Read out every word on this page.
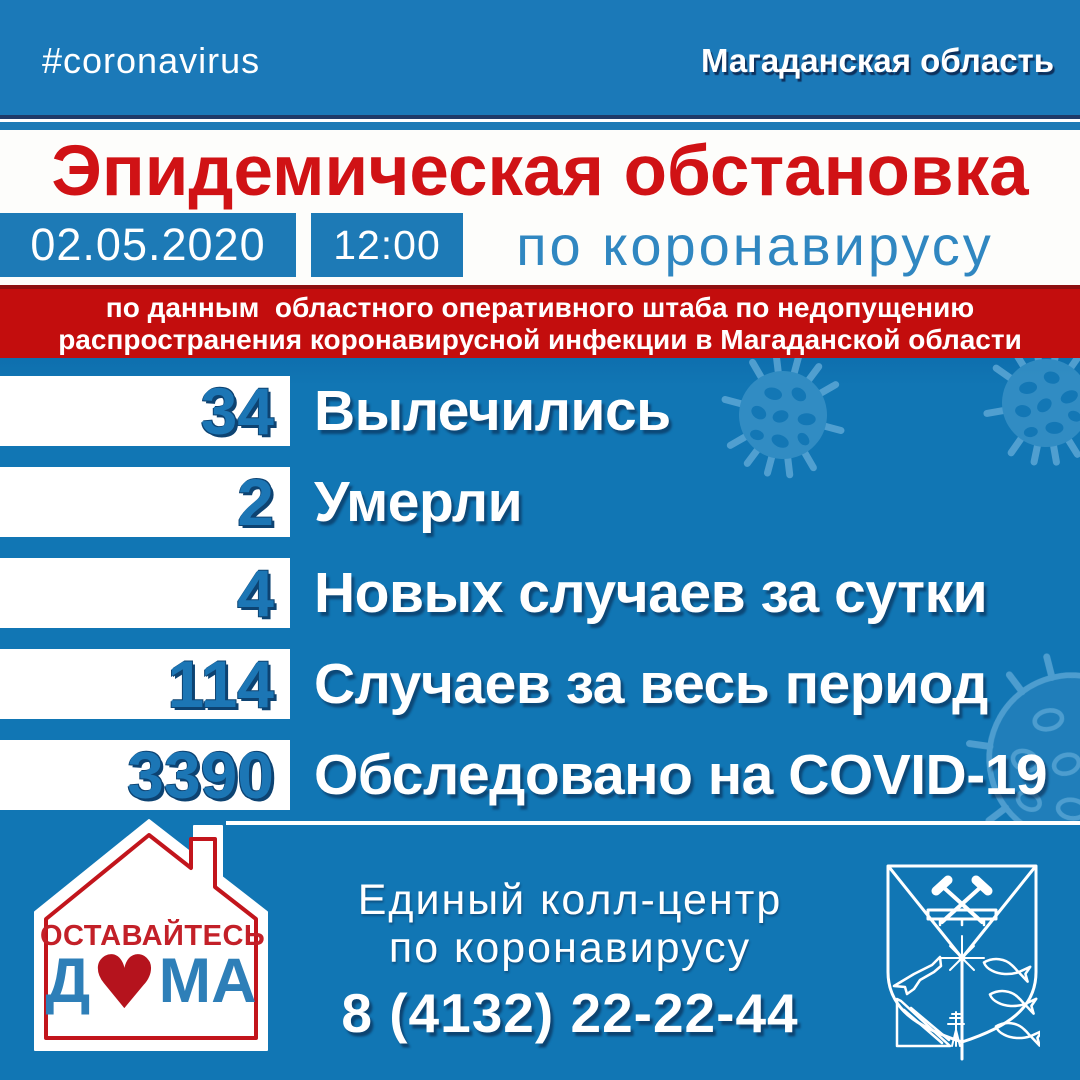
#coronavirus	Магаданская область
Эпидемическая обстановка
02.05.2020	12:00	по коронавирусу
по данным  областного оперативного штаба по недопущению
распространения коронавирусной инфекции в Магаданской области
34 Вылечились
2 Умерли
4 Новых случаев за сутки
114 Случаев за весь период
3390 Обследовано на COVID-19
ОСТАВАЙТЕСЬ
Д ♥ МА
Единый колл-центр
по коронавирусу
8 (4132) 22-22-44
